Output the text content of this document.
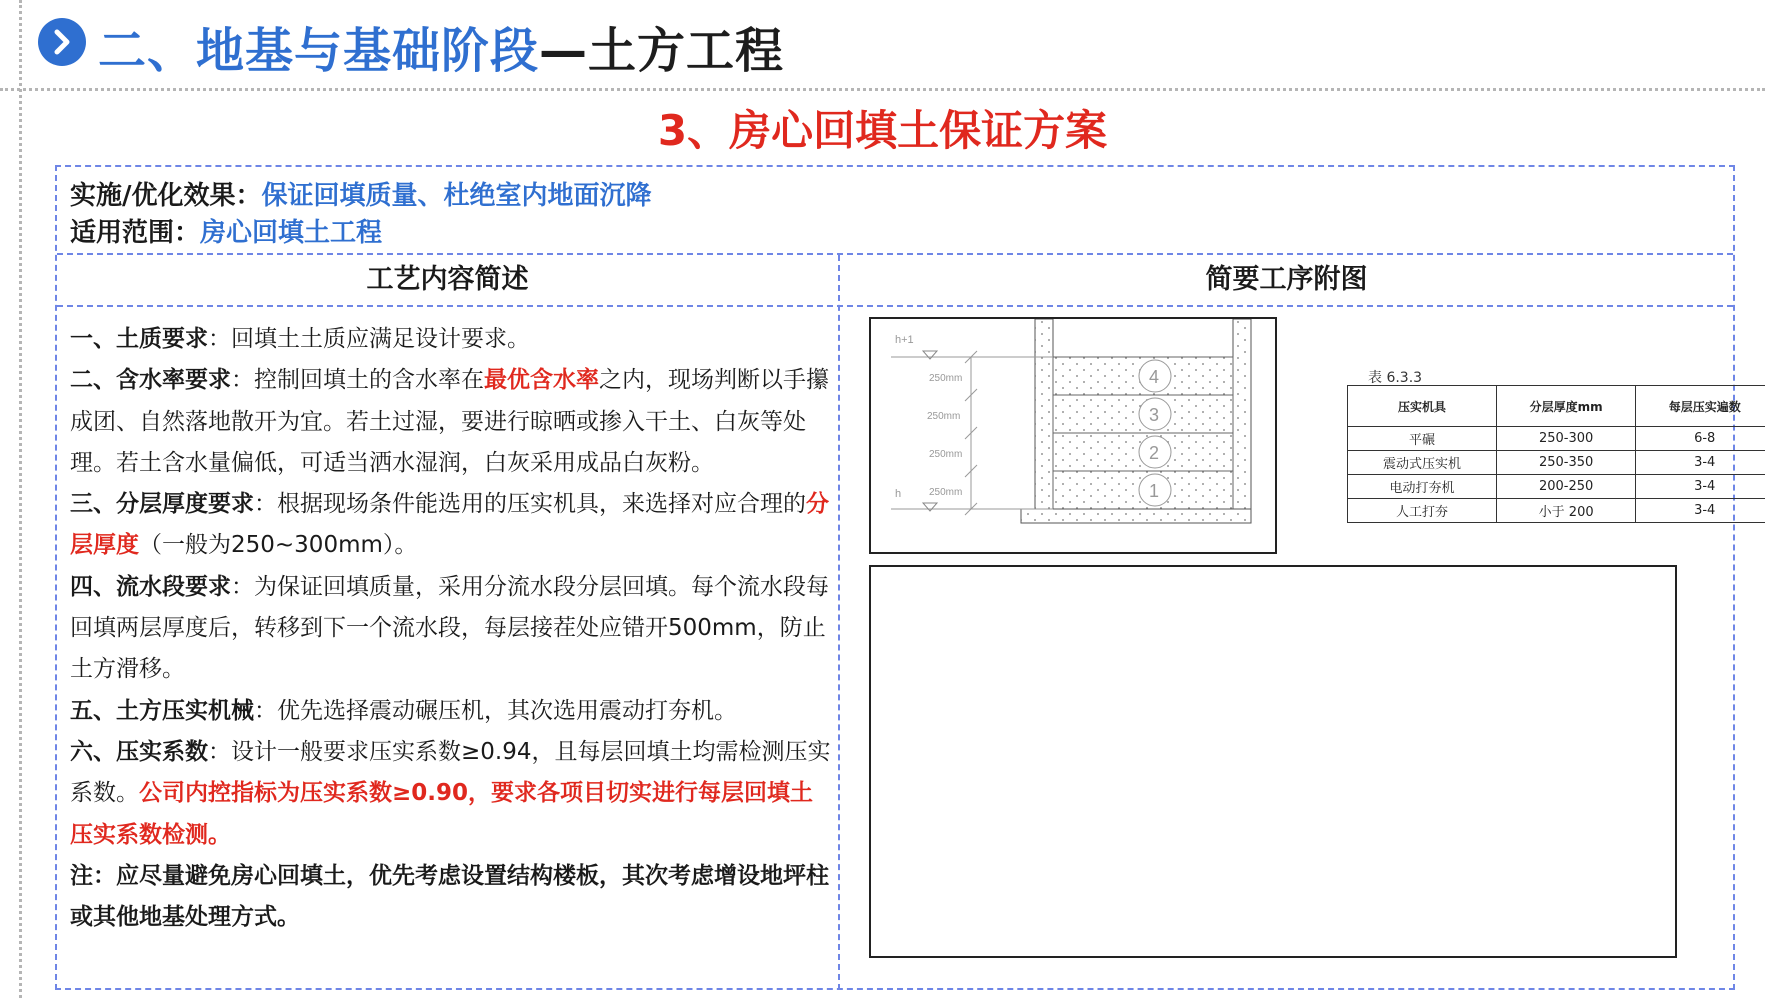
二、地基与基础阶段—土方工程
3、房心回填土保证方案
实施/优化效果：保证回填质量、杜绝室内地面沉降
适用范围：房心回填土工程
工艺内容简述	简要工序附图

一、土质要求：回填土土质应满足设计要求。

二、含水率要求：控制回填土的含水率在最优含水率之内，现场判断以手攥成团、自然落地散开为宜。若土过湿，要进行晾晒或掺入干土、白灰等处理。若土含水量偏低，可适当洒水湿润，白灰采用成品白灰粉。

三、分层厚度要求：根据现场条件能选用的压实机具，来选择对应合理的分层厚度（一般为250~300mm）。

四、流水段要求：为保证回填质量，采用分流水段分层回填。每个流水段每回填两层厚度后，转移到下一个流水段，每层接茬处应错开500mm，防止土方滑移。

五、土方压实机械：优先选择震动碾压机，其次选用震动打夯机。

六、压实系数：设计一般要求压实系数≥0.94，且每层回填土均需检测压实系数。公司内控指标为压实系数≥0.90，要求各项目切实进行每层回填土压实系数检测。

注：应尽量避免房心回填土，优先考虑设置结构楼板，其次考虑增设地坪柱或其他地基处理方式。

h+1
h
250mm
250mm
250mm
250mm
4
3
2
1
表 6.3.3
压实机具	分层厚度mm	每层压实遍数
平碾	250-300	6-8
震动式压实机	250-350	3-4
电动打夯机	200-250	3-4
人工打夯	小于 200	3-4
